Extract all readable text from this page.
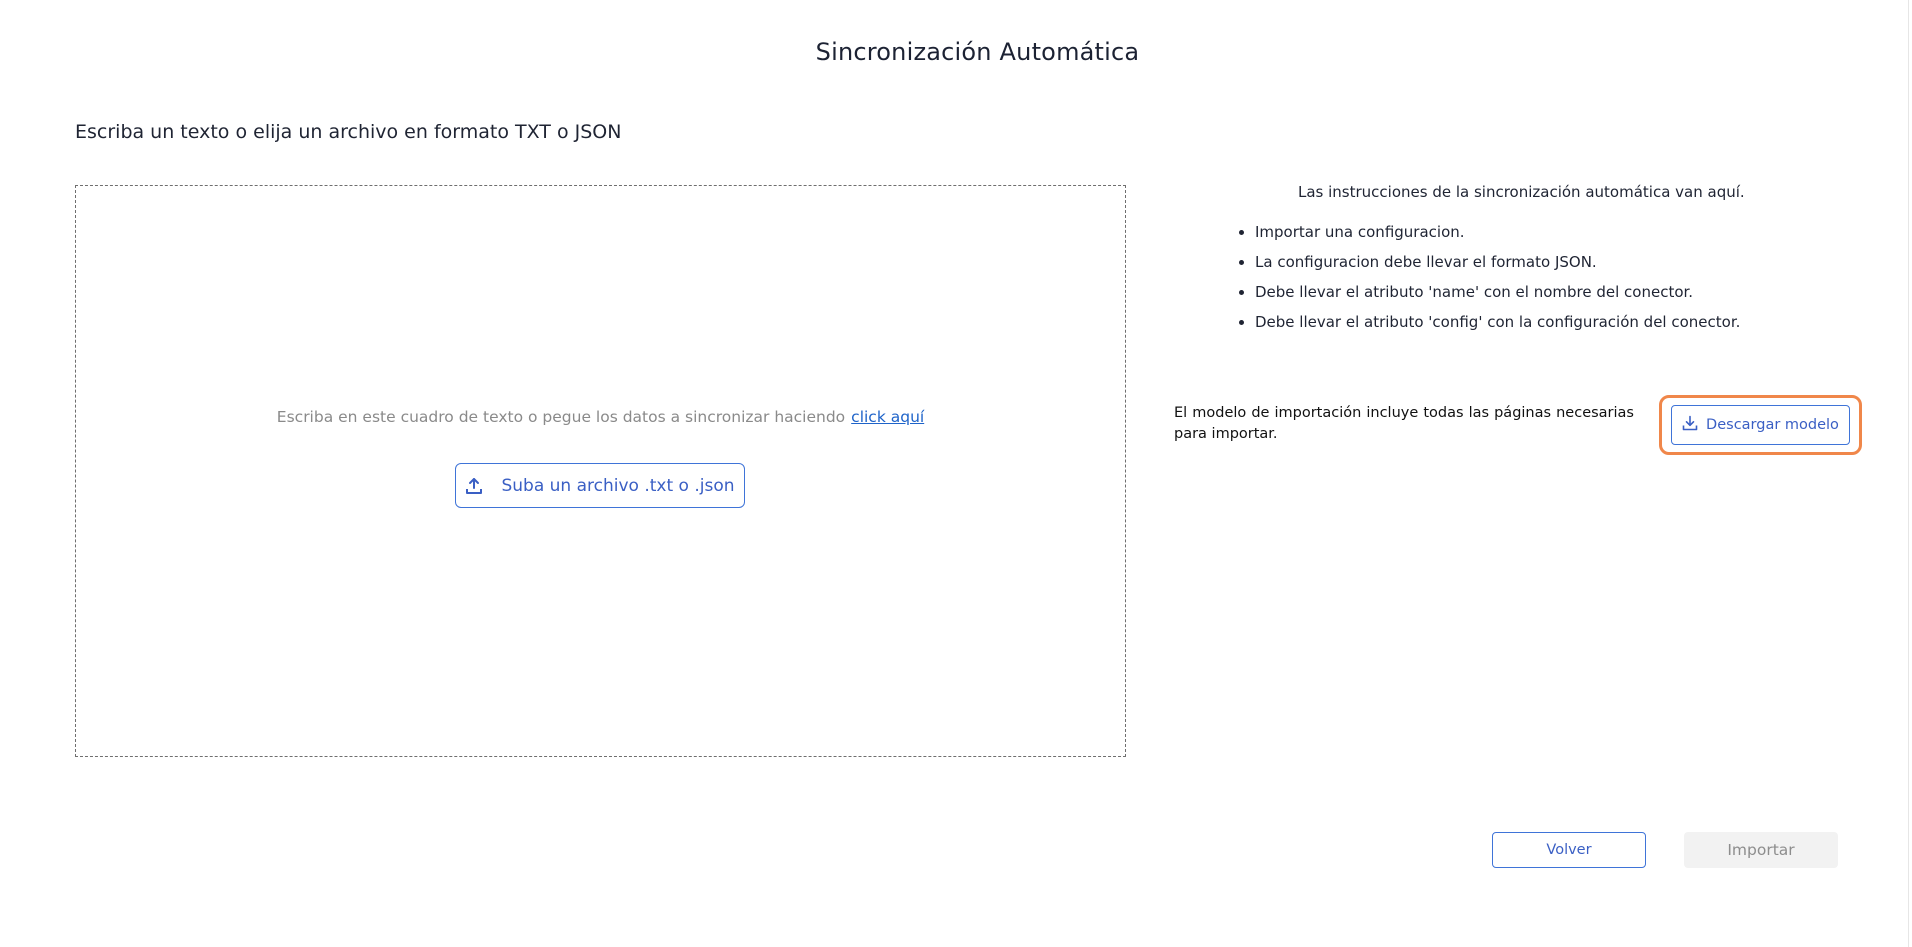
Sincronización Automática
Escriba un texto o elija un archivo en formato TXT o JSON
Escriba en este cuadro de texto o pegue los datos a sincronizar haciendo click aquí
Suba un archivo .txt o .json
Las instrucciones de la sincronización automática van aquí.
• Importar una configuracion.
• La configuracion debe llevar el formato JSON.
• Debe llevar el atributo 'name' con el nombre del conector.
• Debe llevar el atributo 'config' con la configuración del conector.
El modelo de importación incluye todas las páginas necesarias para importar.
Descargar modelo
Volver	Importar
